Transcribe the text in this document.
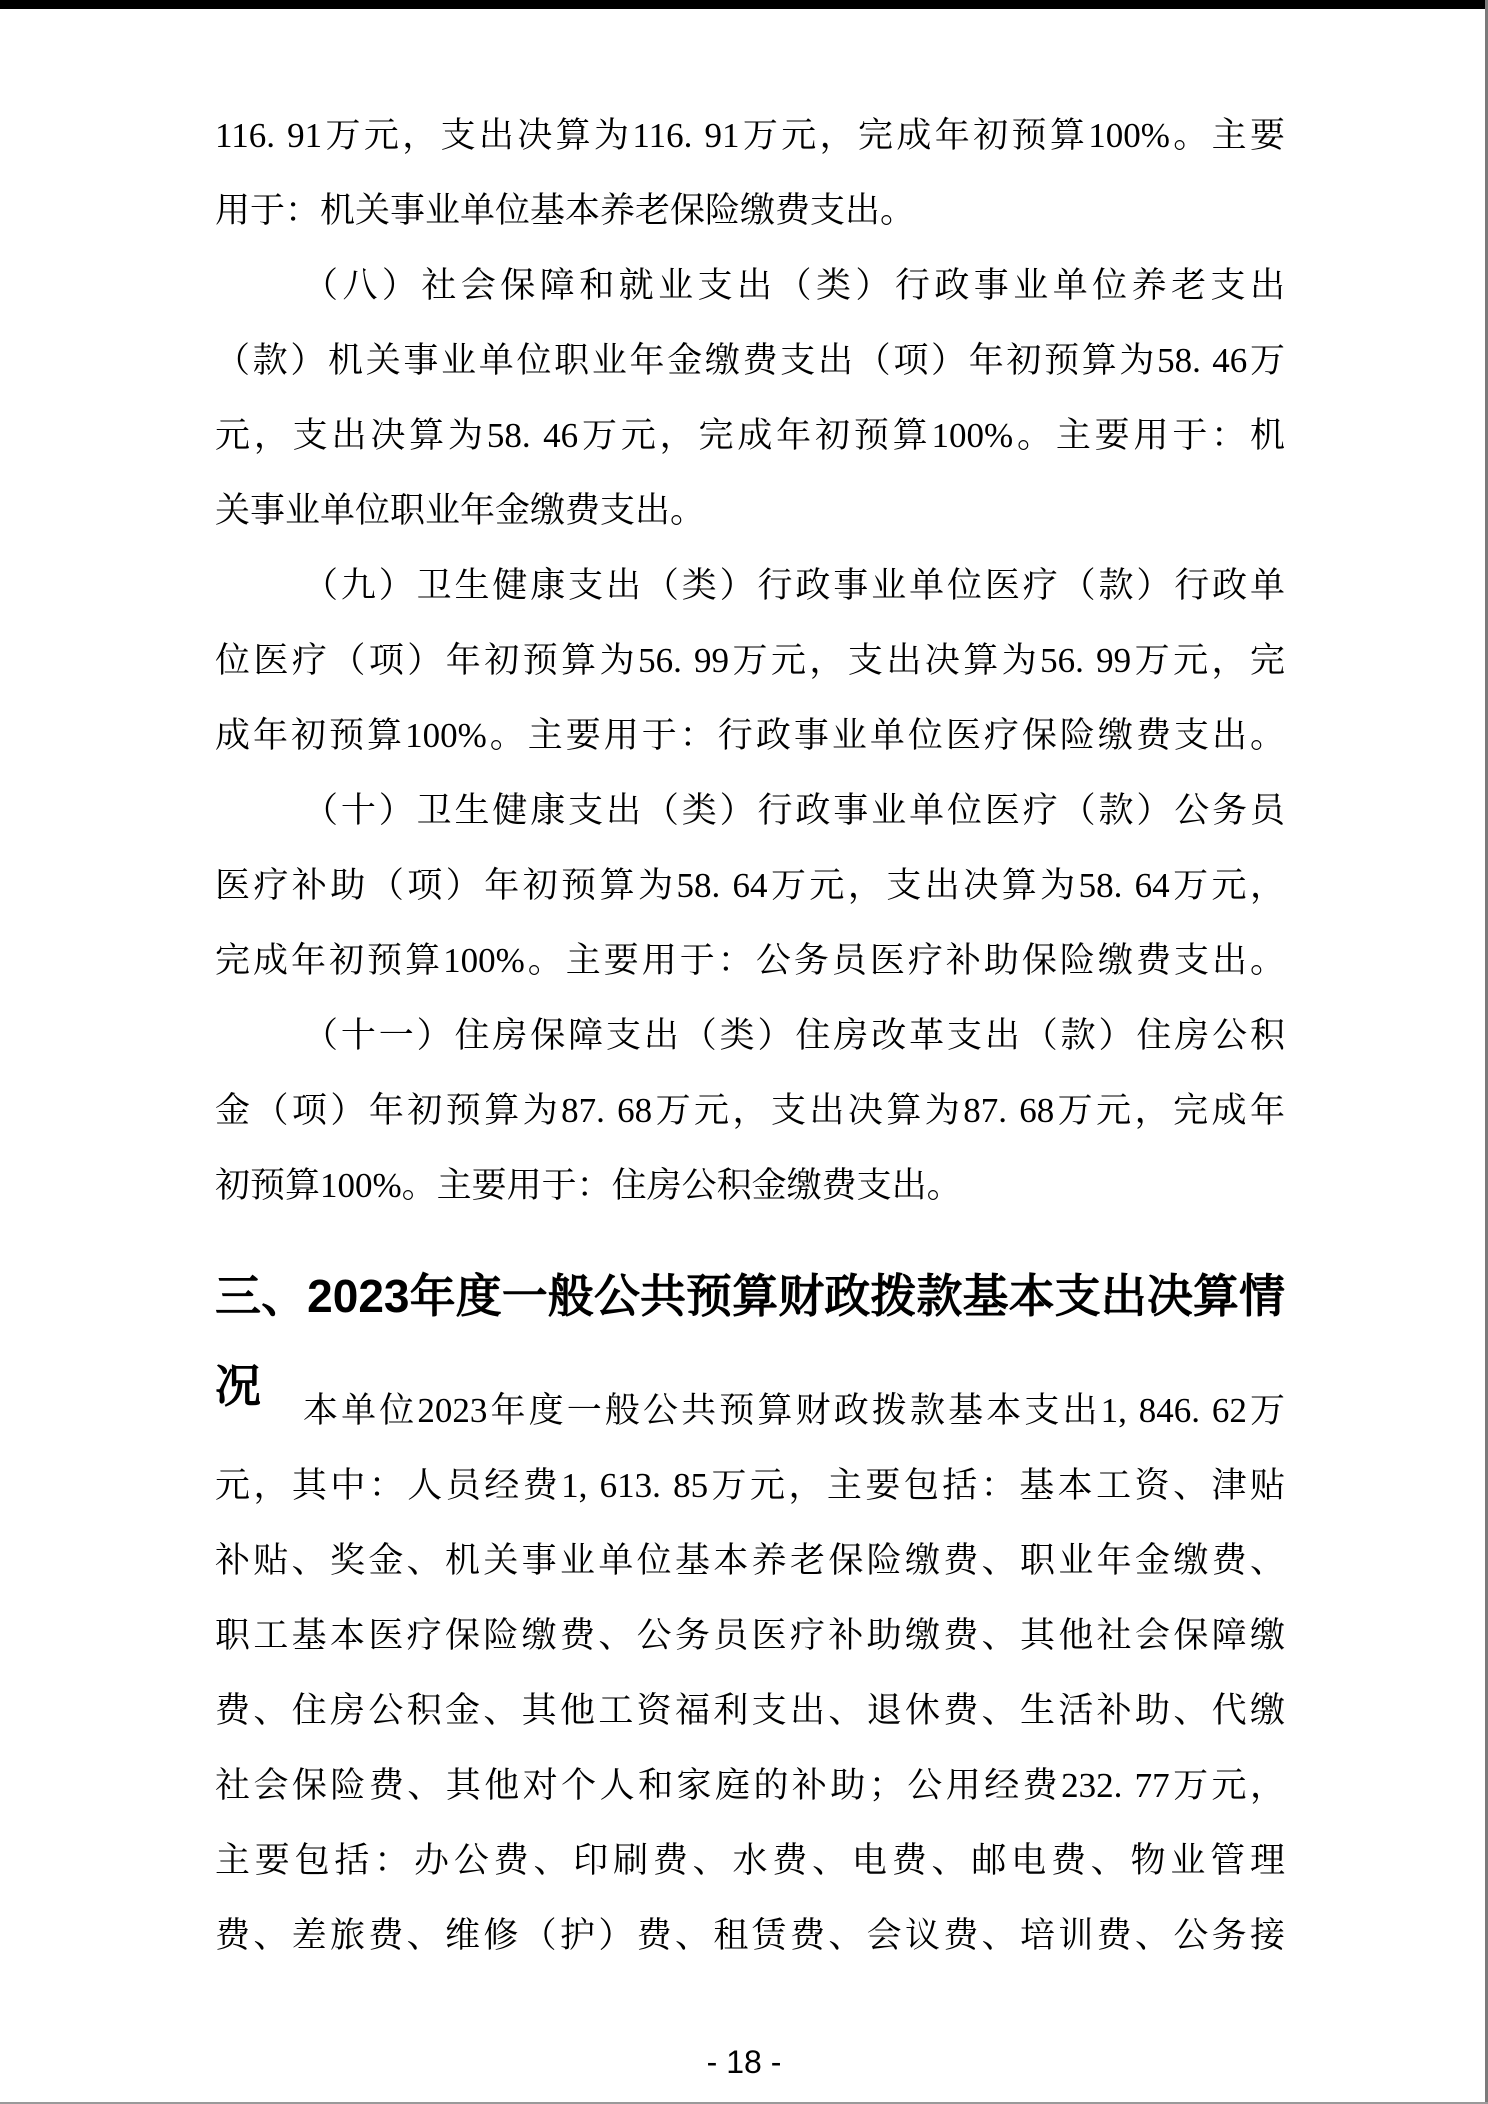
116. 91万元，支出决算为116. 91万元，完成年初预算100%。主要
用于：机关事业单位基本养老保险缴费支出。
（八）社会保障和就业支出（类）行政事业单位养老支出
（款）机关事业单位职业年金缴费支出（项）年初预算为58. 46万
元，支出决算为58. 46万元，完成年初预算100%。主要用于：机
关事业单位职业年金缴费支出。
（九）卫生健康支出（类）行政事业单位医疗（款）行政单
位医疗（项）年初预算为56. 99万元，支出决算为56. 99万元，完
成年初预算100%。主要用于：行政事业单位医疗保险缴费支出。
（十）卫生健康支出（类）行政事业单位医疗（款）公务员
医疗补助（项）年初预算为58. 64万元，支出决算为58. 64万元，
完成年初预算100%。主要用于：公务员医疗补助保险缴费支出。
（十一）住房保障支出（类）住房改革支出（款）住房公积
金（项）年初预算为87. 68万元，支出决算为87. 68万元，完成年
初预算100%。主要用于：住房公积金缴费支出。
三、2023年度一般公共预算财政拨款基本支出决算情况	本单位2023年度一般公共预算财政拨款基本支出1, 846. 62万
元，其中：人员经费1, 613. 85万元，主要包括：基本工资、津贴
补贴、奖金、机关事业单位基本养老保险缴费、职业年金缴费、
职工基本医疗保险缴费、公务员医疗补助缴费、其他社会保障缴
费、住房公积金、其他工资福利支出、退休费、生活补助、代缴
社会保险费、其他对个人和家庭的补助；公用经费232. 77万元，
主要包括：办公费、印刷费、水费、电费、邮电费、物业管理
费、差旅费、维修（护）费、租赁费、会议费、培训费、公务接
- 18 -
